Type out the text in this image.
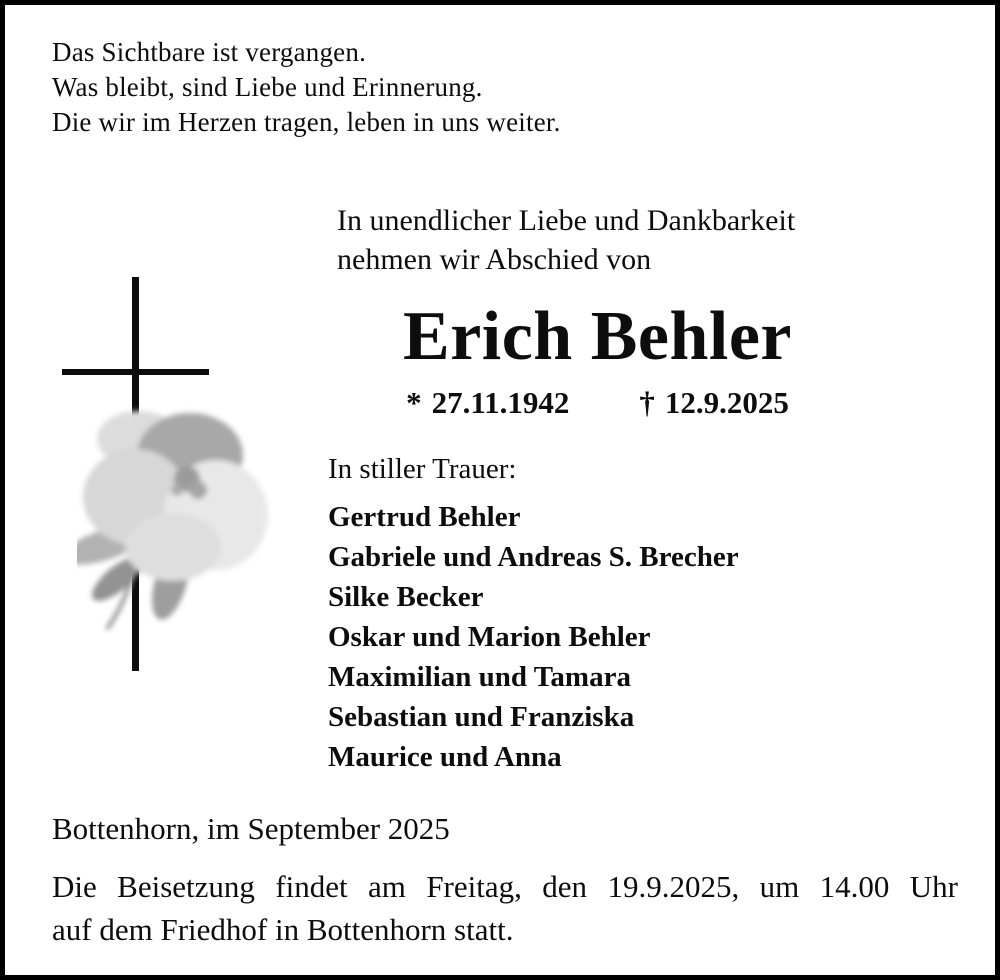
Das Sichtbare ist vergangen.
Was bleibt, sind Liebe und Erinnerung.
Die wir im Herzen tragen, leben in uns weiter.
In unendlicher Liebe und Dankbarkeit
nehmen wir Abschied von
Erich Behler
* 27.11.1942 † 12.9.2025
In stiller Trauer:
Gertrud Behler
Gabriele und Andreas S. Brecher
Silke Becker
Oskar und Marion Behler
Maximilian und Tamara
Sebastian und Franziska
Maurice und Anna
Bottenhorn, im September 2025
Die Beisetzung findet am Freitag, den 19.9.2025, um 14.00 Uhr
auf dem Friedhof in Bottenhorn statt.
